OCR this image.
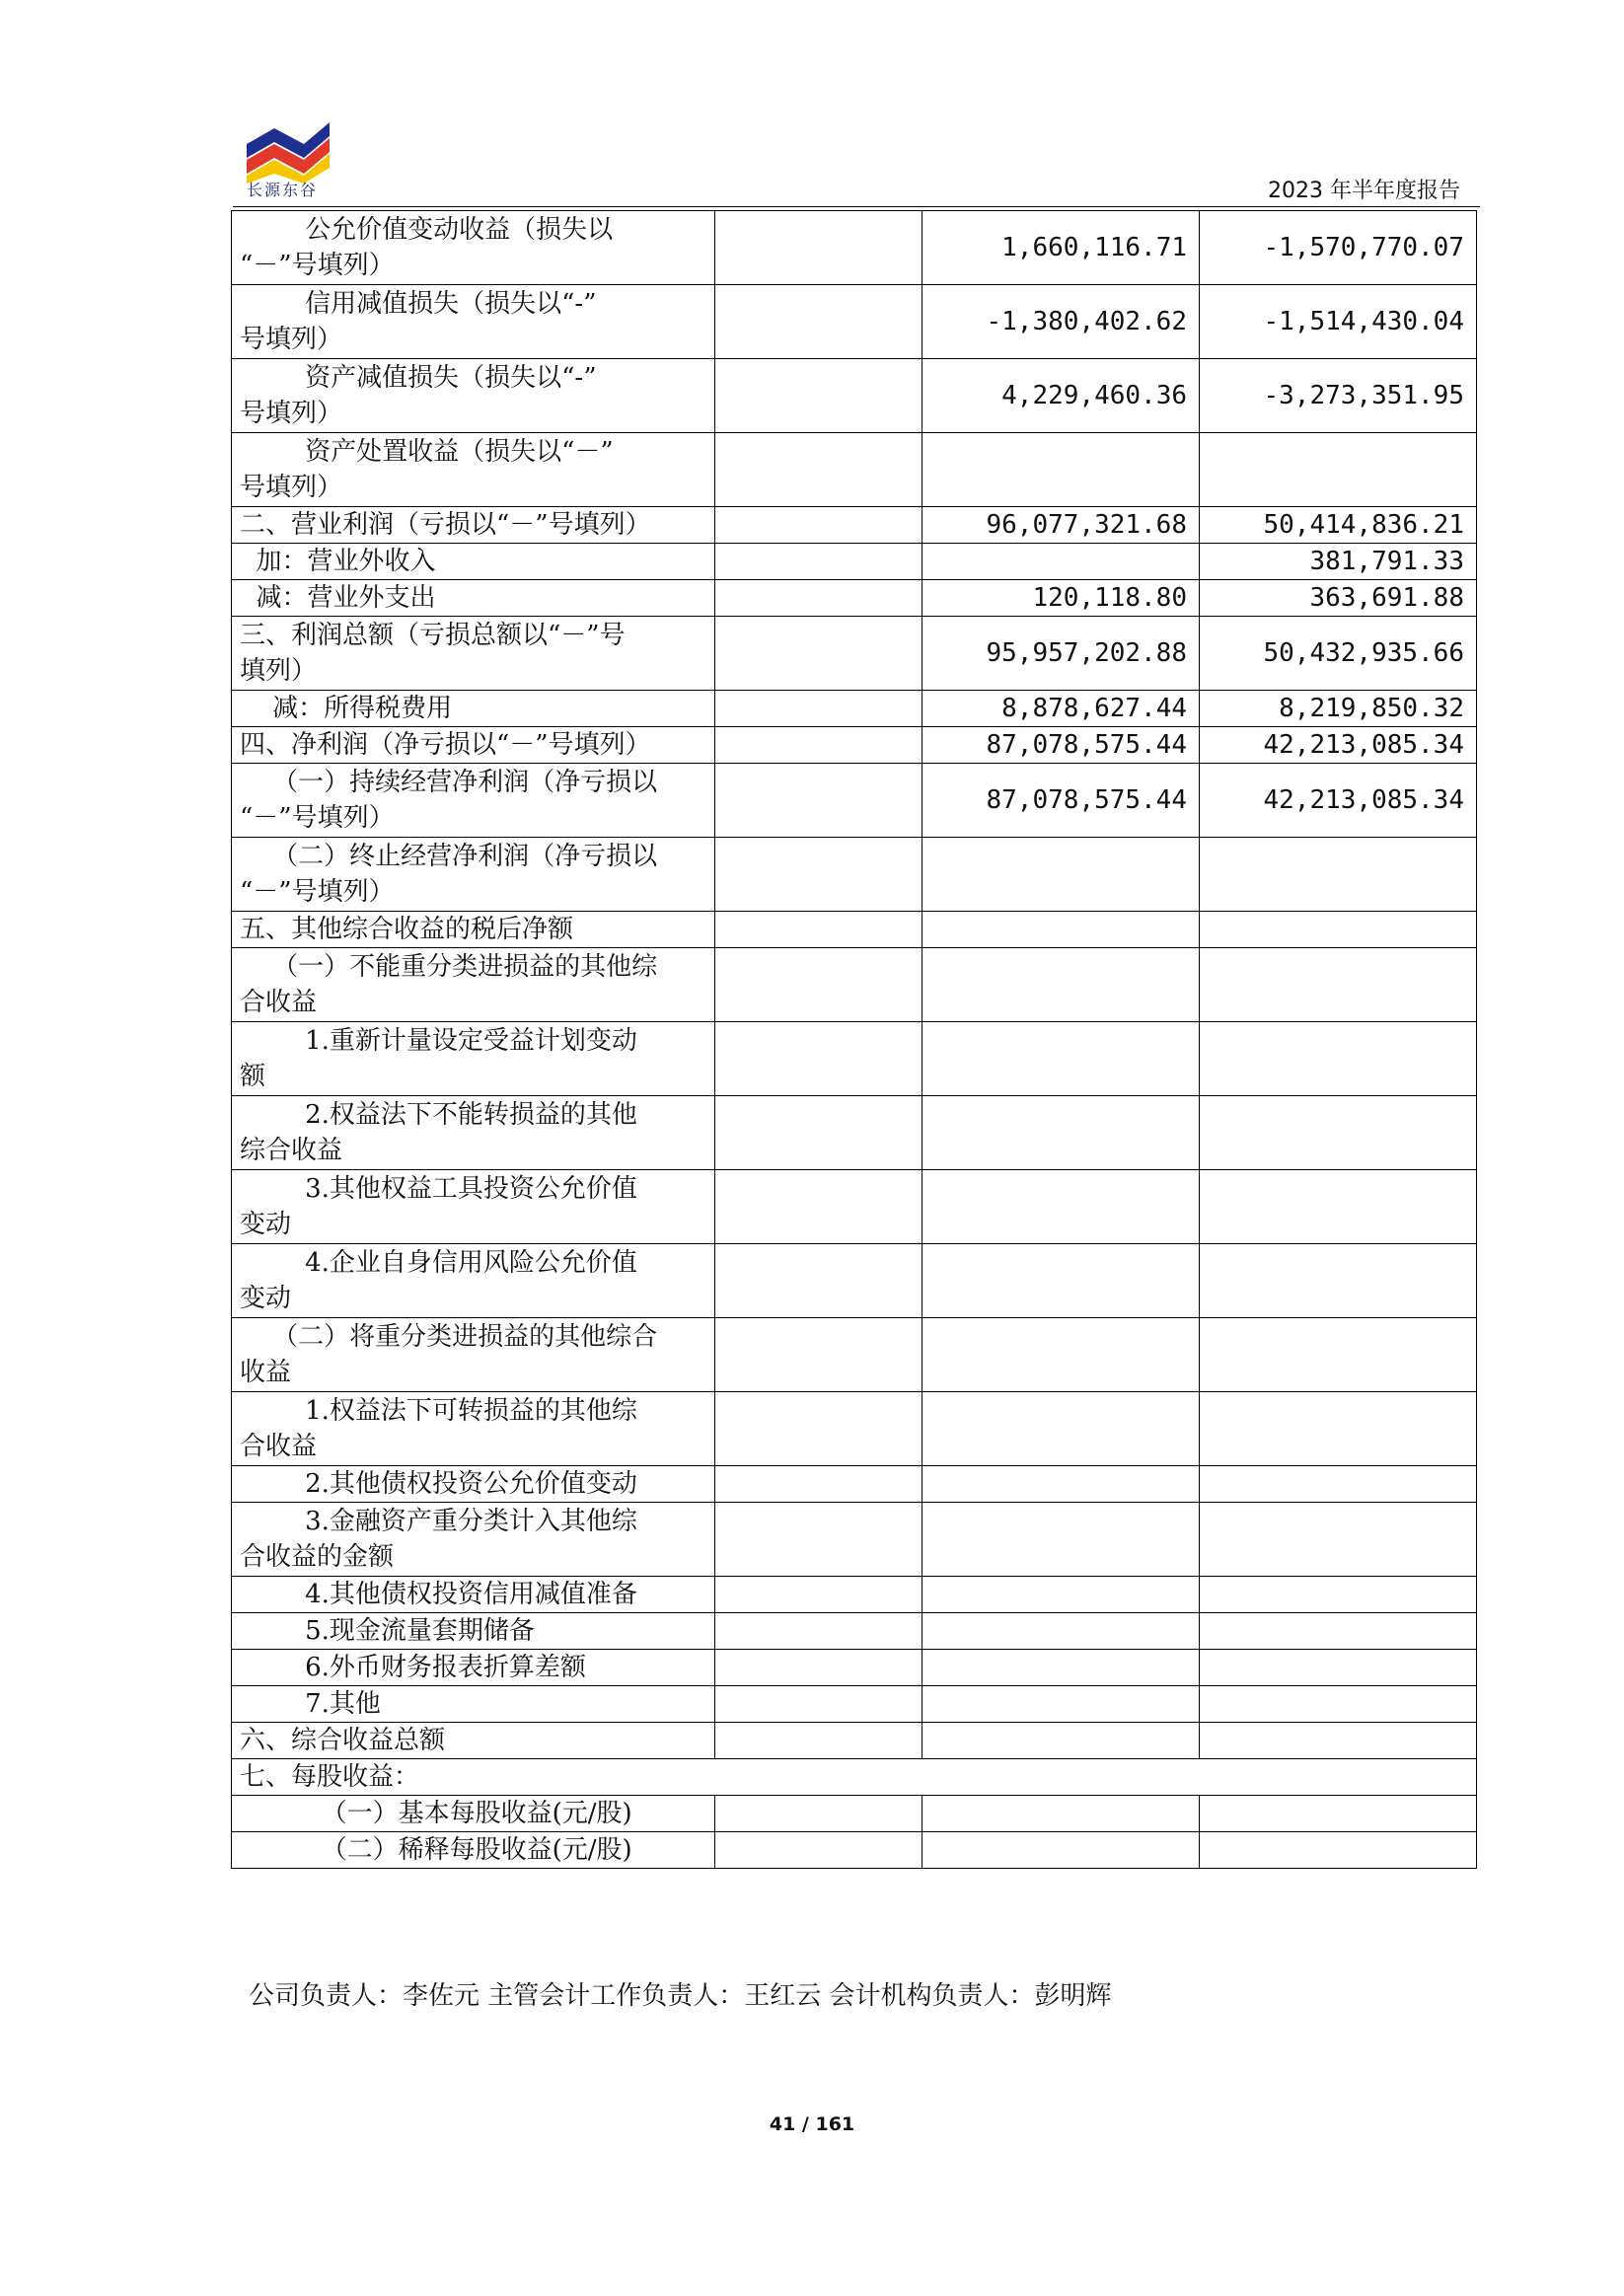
长源东谷	2023 年半年度报告
公允价值变动收益（损失以
“－”号填列）		1,660,116.71	-1,570,770.07
信用减值损失（损失以“-”
号填列）		-1,380,402.62	-1,514,430.04
资产减值损失（损失以“-”
号填列）		4,229,460.36	-3,273,351.95
资产处置收益（损失以“－”
号填列）			
二、营业利润（亏损以“－”号填列）		96,077,321.68	50,414,836.21
加：营业外收入			381,791.33
减：营业外支出		120,118.80	363,691.88
三、利润总额（亏损总额以“－”号
填列）		95,957,202.88	50,432,935.66
减：所得税费用		8,878,627.44	8,219,850.32
四、净利润（净亏损以“－”号填列）		87,078,575.44	42,213,085.34
（一）持续经营净利润（净亏损以
“－”号填列）		87,078,575.44	42,213,085.34
（二）终止经营净利润（净亏损以
“－”号填列）			
五、其他综合收益的税后净额			
（一）不能重分类进损益的其他综
合收益			
1.重新计量设定受益计划变动
额			
2.权益法下不能转损益的其他
综合收益			
3.其他权益工具投资公允价值
变动			
4.企业自身信用风险公允价值
变动			
（二）将重分类进损益的其他综合
收益			
1.权益法下可转损益的其他综
合收益			
2.其他债权投资公允价值变动			
3.金融资产重分类计入其他综
合收益的金额			
4.其他债权投资信用减值准备			
5.现金流量套期储备			
6.外币财务报表折算差额			
7.其他			
六、综合收益总额			
七、每股收益：			
（一）基本每股收益(元/股)			
（二）稀释每股收益(元/股)			
公司负责人：李佐元 主管会计工作负责人：王红云 会计机构负责人：彭明辉
41 / 161
